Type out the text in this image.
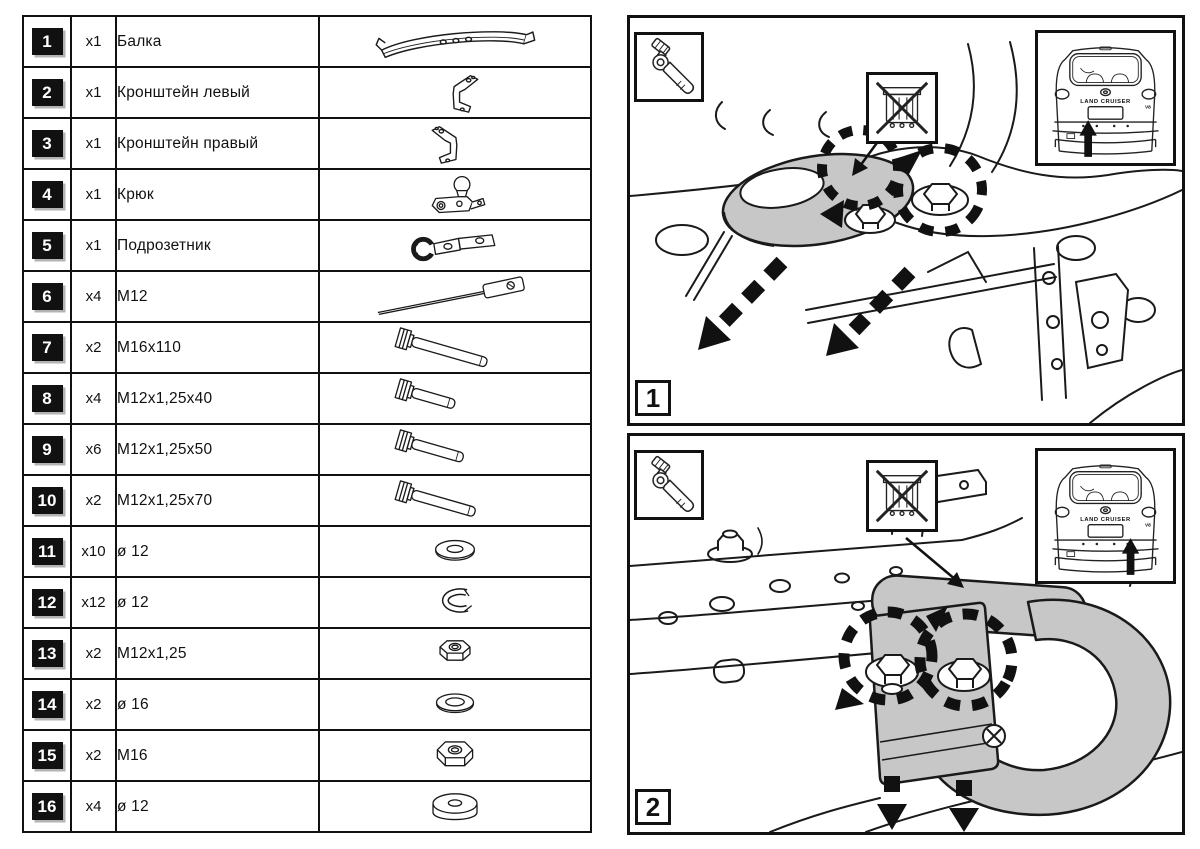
1	x1	Балка	

2	x1	Кронштейн левый	

3	x1	Кронштейн правый	

4	x1	Крюк	

5	x1	Подрозетник	

6	x4	M12	

7	x2	M16x110	

8	x4	M12x1,25x40	

9	x6	M12x1,25x50	

10	x2	M12x1,25x70	

11	x10	ø 12	

12	x12	ø 12	

13	x2	M12x1,25	

14	x2	ø 16	

15	x2	M16	

16	x4	ø 12	
LAND CRUISER
V8
1
LAND CRUISER
V8
2
